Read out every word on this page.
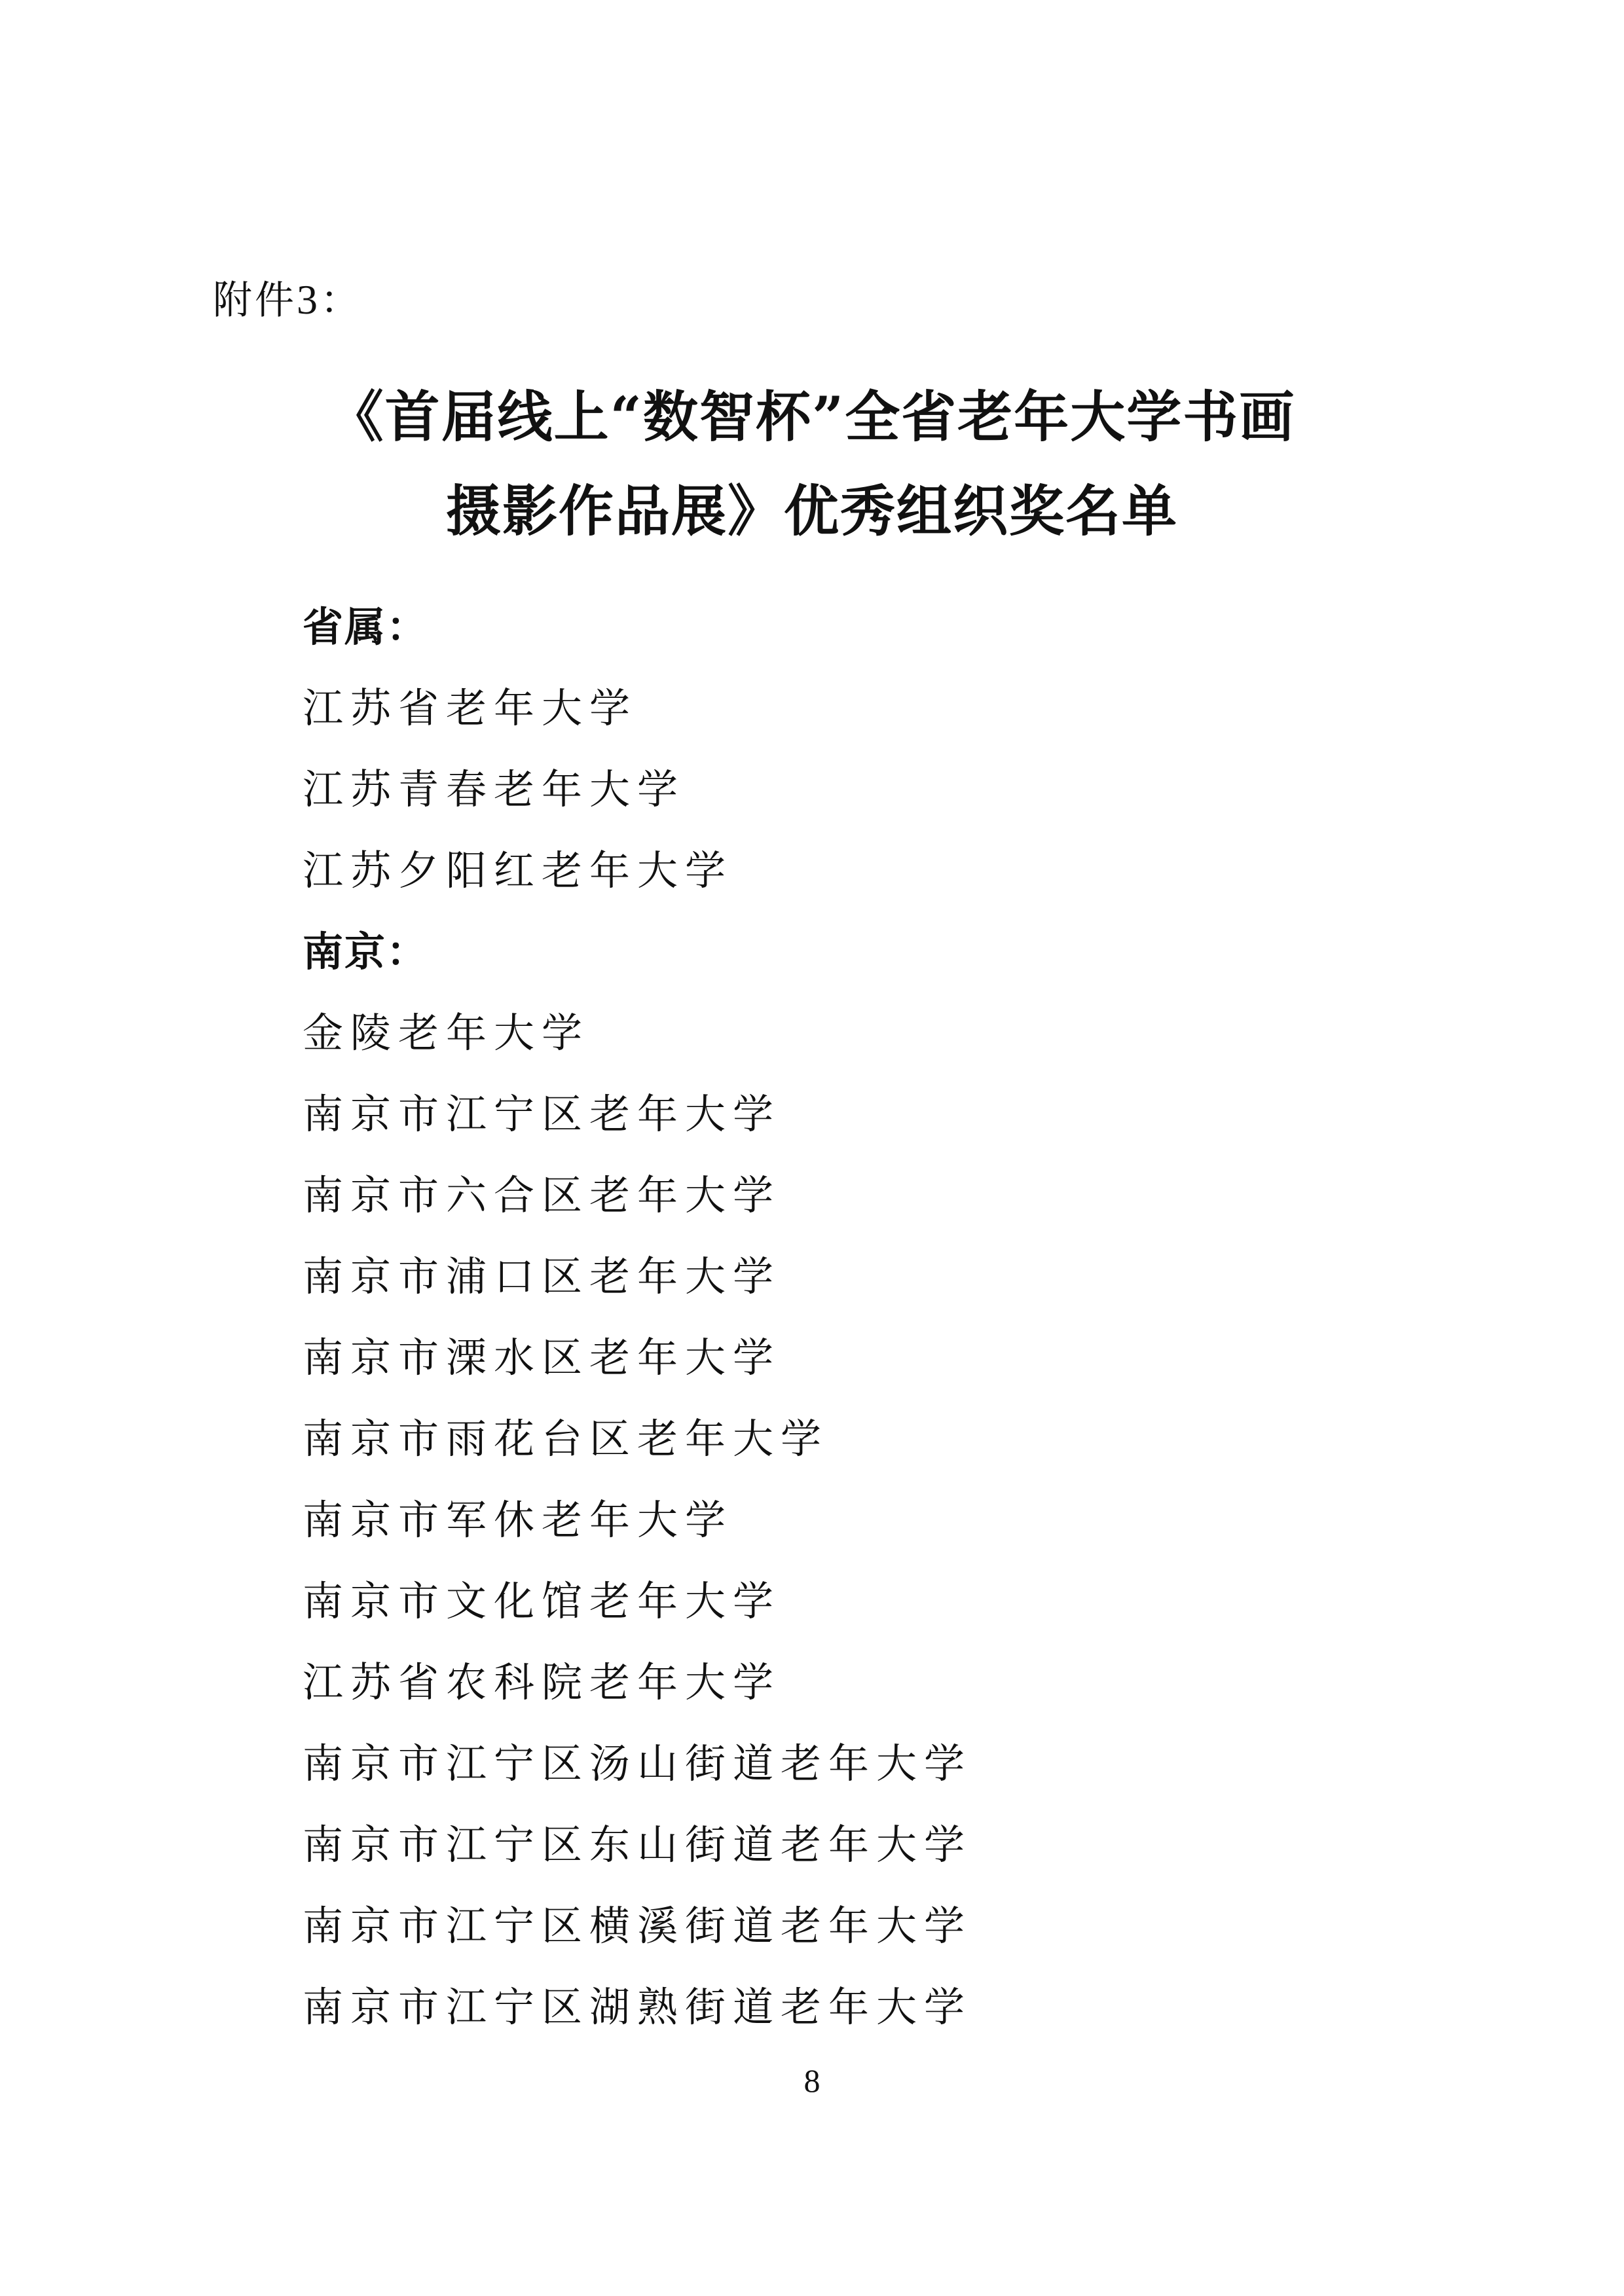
附件3：
《首届线上“数智杯”全省老年大学书画
摄影作品展》优秀组织奖名单
省属：
江苏省老年大学
江苏青春老年大学
江苏夕阳红老年大学
南京：
金陵老年大学
南京市江宁区老年大学
南京市六合区老年大学
南京市浦口区老年大学
南京市溧水区老年大学
南京市雨花台区老年大学
南京市军休老年大学
南京市文化馆老年大学
江苏省农科院老年大学
南京市江宁区汤山街道老年大学
南京市江宁区东山街道老年大学
南京市江宁区横溪街道老年大学
南京市江宁区湖熟街道老年大学
8
